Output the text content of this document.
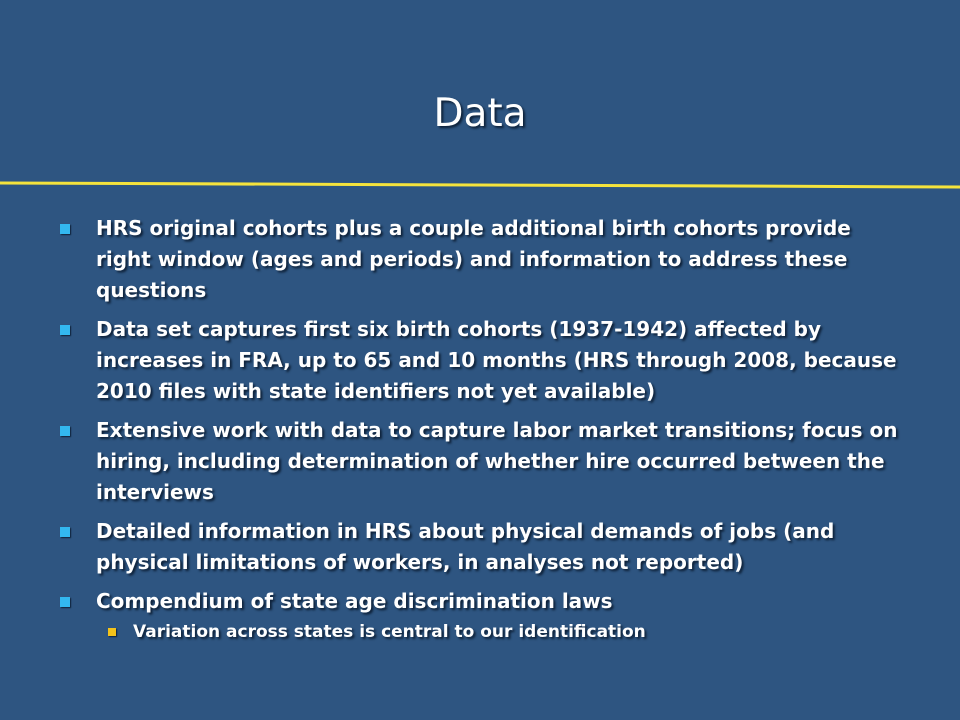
Data
HRS original cohorts plus a couple additional birth cohorts provide right window (ages and periods) and information to address these questions
Data set captures first six birth cohorts (1937-1942) affected by increases in FRA, up to 65 and 10 months (HRS through 2008, because 2010 files with state identifiers not yet available)
Extensive work with data to capture labor market transitions; focus on hiring, including determination of whether hire occurred between the interviews
Detailed information in HRS about physical demands of jobs (and physical limitations of workers, in analyses not reported)
Compendium of state age discrimination laws
Variation across states is central to our identification
